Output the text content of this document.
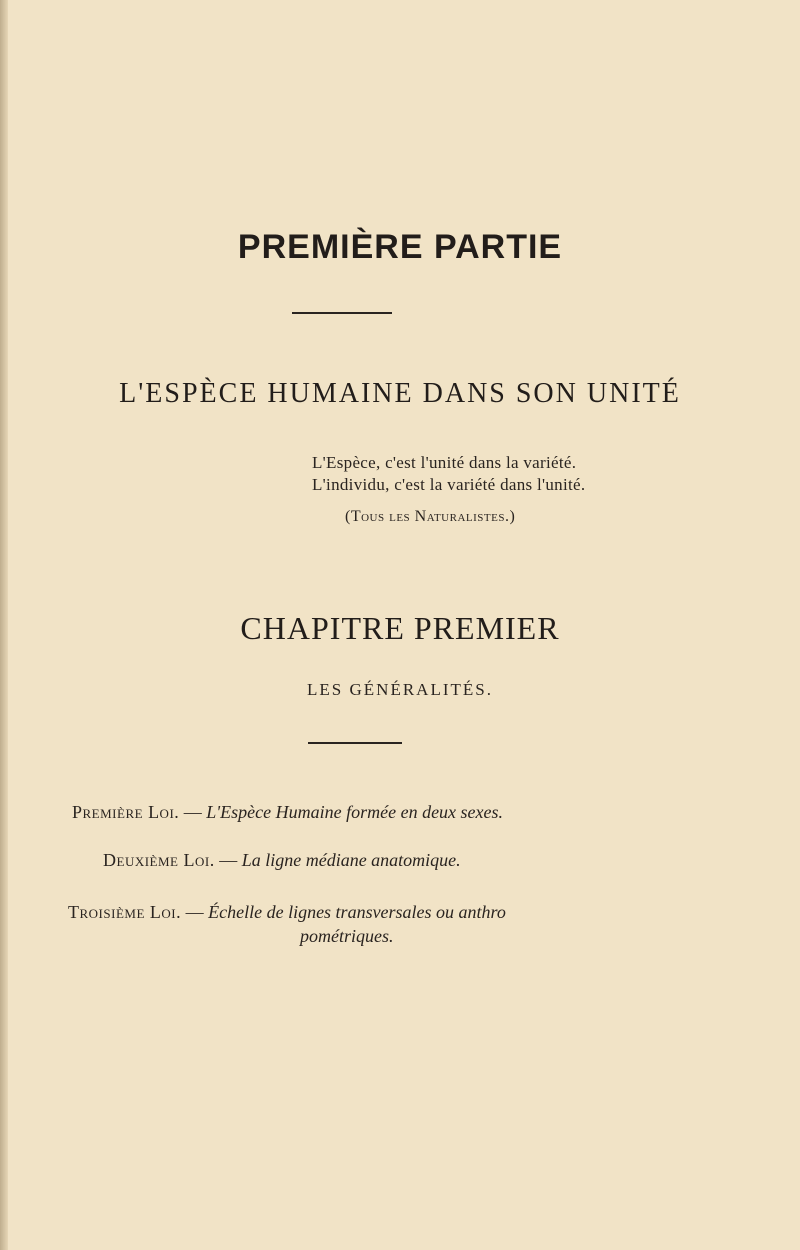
PREMIÈRE PARTIE
L'ESPÈCE HUMAINE DANS SON UNITÉ
L'Espèce, c'est l'unité dans la variété.
L'individu, c'est la variété dans l'unité.
(Tous les Naturalistes.)
CHAPITRE PREMIER
LES GÉNÉRALITÉS.
Première Loi. — L'Espèce Humaine formée en deux sexes.
Deuxième Loi. — La ligne médiane anatomique.
Troisième Loi. — Échelle de lignes transversales ou anthro
pométriques.
